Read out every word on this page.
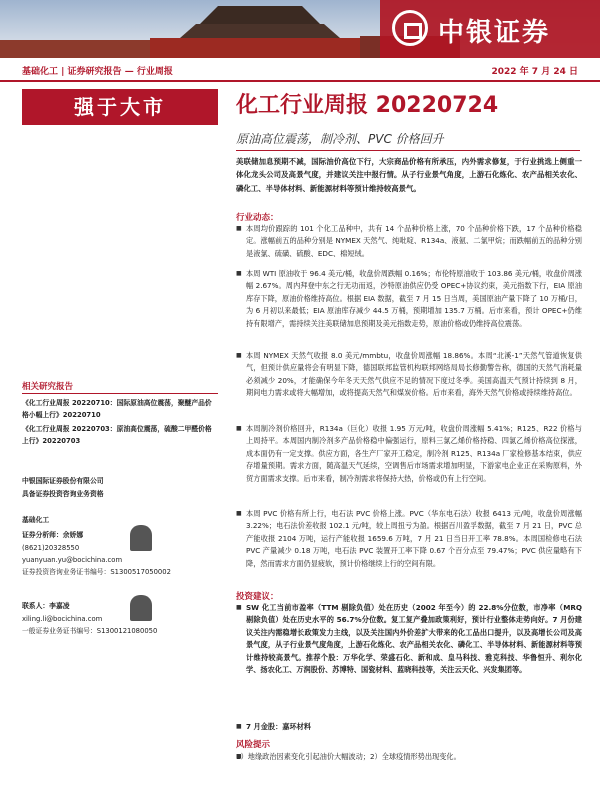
中银证券
基础化工 | 证券研究报告 — 行业周报	2022 年 7 月 24 日
强于大市	化工行业周报 20220724
原油高位震荡，制冷剂、PVC 价格回升
美联储加息预期不减，国际油价高位下行，大宗商品价格有所承压，内外需求修复，于行业挑选上侧重一体化龙头公司及高景气度，并建议关注中报行情。从子行业景气角度，上游石化炼化、农产品相关农化、磷化工、半导体材料、新能源材料等预计维持较高景气。
行业动态：
■ 本周均价跟踪的 101 个化工品种中，共有 14 个品种价格上涨，70 个品种价格下跌，17 个品种价格稳定。涨幅前五的品种分别是 NYMEX 天然气、纯吡啶、R134a、液氨、二氯甲烷；而跌幅前五的品种分别是液氯、硫磺、硫酸、EDC、棉短绒。
■ 本周 WTI 原油收于 96.4 美元/桶，收盘价周跌幅 0.16%；布伦特原油收于 103.86 美元/桶，收盘价周涨幅 2.67%。周内拜登中东之行无功而返，沙特原油供应仍受 OPEC+协议约束，美元指数下行，EIA 原油库存下降，原油价格维持高位。根据 EIA 数据，截至 7 月 15 日当周，美国原油产量下降了 10 万桶/日，为 6 月初以来最低；EIA 原油库存减少 44.5 万桶，预期增加 135.7 万桶。后市来看，预计 OPEC+仍维持有限增产，需持续关注美联储加息预期及美元指数走势，原油价格或仍维持高位震荡。
■ 本周 NYMEX 天然气收报 8.0 美元/mmbtu，收盘价周涨幅 18.86%。本周“北溪-1”天然气管道恢复供气，但预计供应量将会有明显下降，德国联邦监管机构联邦网络局局长修勤警告称，德国的天然气消耗量必须减少 20%，才能确保今年冬天天然气供应不足的情况下度过冬季。美国高温天气预计持续到 8 月，期间电力需求或将大幅增加，或将提高天然气和煤炭价格。后市来看，海外天然气价格或持续维持高位。
■ 本周制冷剂价格回升，R134a（巨化）收报 1.95 万元/吨，收盘价周涨幅 5.41%；R125、R22 价格与上周持平。本周国内制冷剂多产品价格稳中偏强运行，原料三氯乙烯价格持稳、四氯乙烯价格高位探涨，成本面仍有一定支撑。供应方面，各生产厂家开工稳定，制冷剂 R125、R134a 厂家检修基本结束，供应存增量预期。需求方面，随高温天气延续，空调售后市场需求增加明显，下游家电企业正在采购原料，外贸方面需求支撑。后市来看，制冷剂需求将保持大热，价格或仍有上行空间。
■ 本周 PVC 价格有所上行，电石法 PVC 价格上涨。PVC（华东电石法）收报 6413 元/吨，收盘价周涨幅 3.22%；电石法价差收报 102.1 元/吨，较上周扭亏为盈。根据百川盈孚数据，截至 7 月 21 日，PVC 总产能收报 2104 万吨，运行产能收报 1659.6 万吨，7 月 21 日当日开工率 78.8%。本周国检修电石法 PVC 产量减少 0.18 万吨，电石法 PVC 装置开工率下降 0.67 个百分点至 79.47%；PVC 供应量略有下降，然而需求方面仍显疲软，预计价格继续上行的空间有限。
投资建议：
■ SW 化工当前市盈率（TTM 剔除负值）处在历史（2002 年至今）的 22.8%分位数，市净率（MRQ 剔除负值）处在历史水平的 56.7%分位数。复工复产叠加政策利好，预计行业整体走势向好。7 月份建议关注内需稳增长政策发力主线，以及关注国内外价差扩大带来的化工品出口提升，以及高增长公司及高景气度，从子行业景气度角度，上游石化炼化、农产品相关农化、磷化工、半导体材料、新能源材料等预计维持较高景气。推荐个股：万华化学、荣盛石化、新和成、皇马科技、雅克科技、华鲁恒升、利尔化学、扬农化工、万润股份、苏博特、国瓷材料、蓝晓科技等，关注云天化、兴发集团等。
■ 7 月金股：嘉环材料
风险提示
■ 1）地缘政治因素变化引起油价大幅波动；2）全球疫情形势出现变化。
相关研究报告
《化工行业周报 20220710：国际原油高位震荡，聚醚产品价格小幅上行》20220710
《化工行业周报 20220703：原油高位震荡，硫酸二甲醛价格上行》20220703
中银国际证券股份有限公司
具备证券投资咨询业务资格
基础化工
证券分析师：余娇娜
(8621)20328550
yuanyuan.yu@bocichina.com
证券投资咨询业务证书编号：S1300517050002
联系人：李嘉凌
xiling.li@bocichina.com
一般证券业务证书编号：S1300121080050
